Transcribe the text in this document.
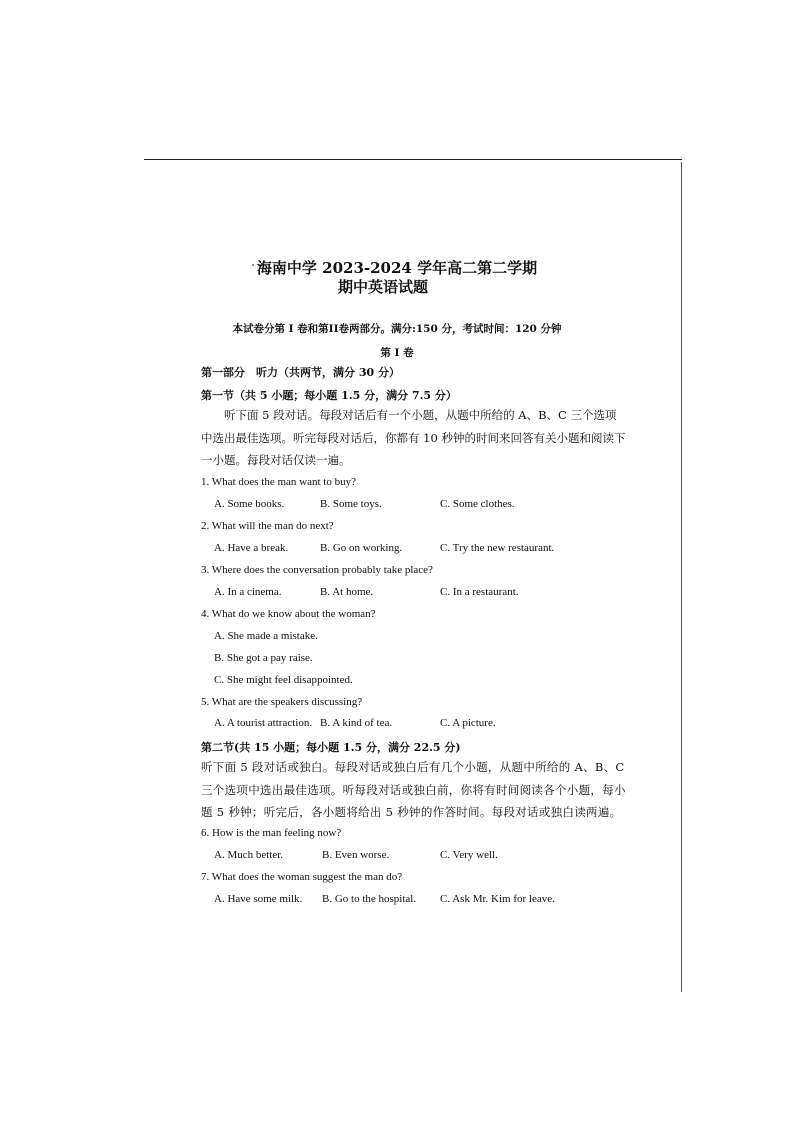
海南中学 2023-2024 学年高二第二学期
期中英语试题
本试卷分第 I 卷和第II卷两部分。满分:150 分，考试时间：120 分钟
第 I 卷
第一部分　听力（共两节，满分 30 分）
第一节（共 5 小题；每小题 1.5 分，满分 7.5 分）

听下面 5 段对话。每段对话后有一个小题，从题中所给的 A、B、C 三个选项中选出最佳选项。听完每段对话后，你都有 10 秒钟的时间来回答有关小题和阅读下一小题。每段对话仅读一遍。

1. What does the man want to buy?
A. Some books.	B. Some toys.	C. Some clothes.
2. What will the man do next?
A. Have a break.	B. Go on working.	C. Try the new restaurant.
3. Where does the conversation probably take place?
A. In a cinema.	B. At home.	C. In a restaurant.
4. What do we know about the woman?
A. She made a mistake.
B. She got a pay raise.
C. She might feel disappointed.
5. What are the speakers discussing?
A. A tourist attraction. B. A kind of tea.	C. A picture.
第二节(共 15 小题；每小题 1.5 分，满分 22.5 分)

听下面 5 段对话或独白。每段对话或独白后有几个小题，从题中所给的 A、B、C 三个选项中选出最佳选项。听每段对话或独白前，你将有时间阅读各个小题，每小题 5 秒钟；听完后，各小题将给出 5 秒钟的作答时间。每段对话或独白读两遍。

6. How is the man feeling now?
A. Much better.	B. Even worse.	C. Very well.
7. What does the woman suggest the man do?
A. Have some milk. B. Go to the hospital. C. Ask Mr. Kim for leave.
